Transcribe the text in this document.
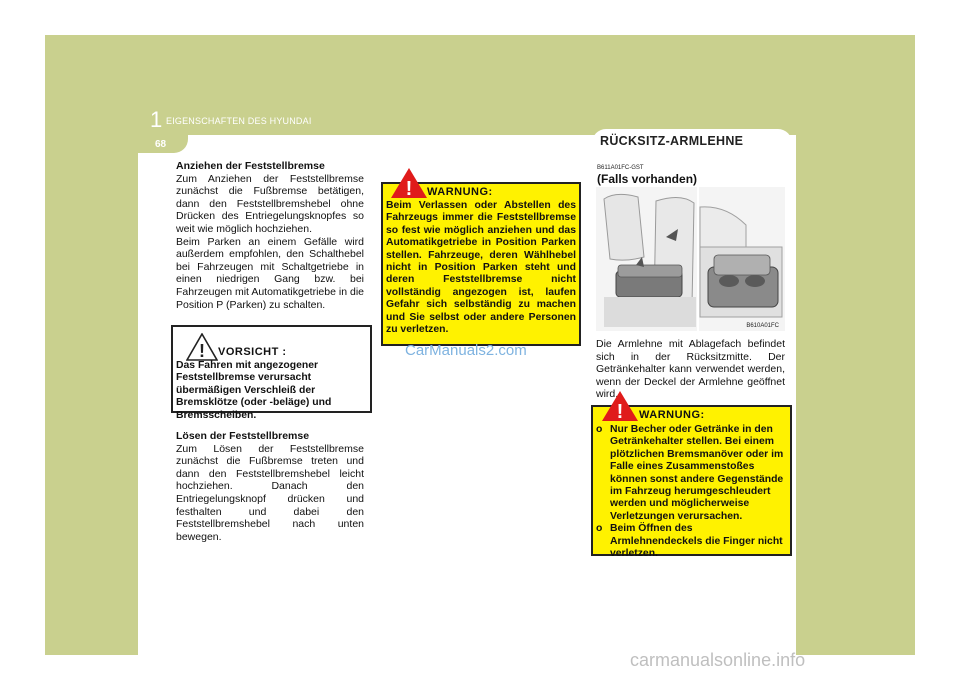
1 EIGENSCHAFTEN DES HYUNDAI
68	RÜCKSITZ-ARMLEHNE
Anziehen der Feststellbremse
Zum Anziehen der Feststellbremse zunächst die Fußbremse betätigen, dann den Feststellbremshebel ohne Drücken des Entriegelungsknopfes so weit wie möglich hochziehen.
Beim Parken an einem Gefälle wird außerdem empfohlen, den Schalthebel bei Fahrzeugen mit Schaltgetriebe in einen niedrigen Gang bzw. bei Fahrzeugen mit Automatikgetriebe in die Position P (Parken) zu schalten.
! VORSICHT :
Das Fahren mit angezogener Feststellbremse verursacht übermäßigen Verschleiß der Bremsklötze (oder -beläge) und Bremsscheiben.
Lösen der Feststellbremse
Zum Lösen der Feststellbremse zunächst die Fußbremse treten und dann den Feststellbremshebel leicht hochziehen. Danach den Entriegelungsknopf drücken und festhalten und dabei den Feststellbremshebel nach unten bewegen.
! WARNUNG:
Beim Verlassen oder Abstellen des Fahrzeugs immer die Feststellbremse so fest wie möglich anziehen und das Automatikgetriebe in Position Parken stellen. Fahrzeuge, deren Wählhebel nicht in Position Parken steht und deren Feststellbremse nicht vollständig angezogen ist, laufen Gefahr sich selbständig zu machen und Sie selbst oder andere Personen zu verletzen.
CarManuals2.com
B611A01FC-GST
(Falls vorhanden)
B610A01FC
Die Armlehne mit Ablagefach befindet sich in der Rücksitzmitte. Der Getränkehalter kann verwendet werden, wenn der Deckel der Armlehne geöffnet wird.
! WARNUNG:
o Nur Becher oder Getränke in den Getränkehalter stellen. Bei einem plötzlichen Bremsmanöver oder im Falle eines Zusammenstoßes können sonst andere Gegenstände im Fahrzeug herumgeschleudert werden und möglicherweise Verletzungen verursachen.
o Beim Öffnen des Armlehnendeckels die Finger nicht verletzen.
carmanualsonline.info
